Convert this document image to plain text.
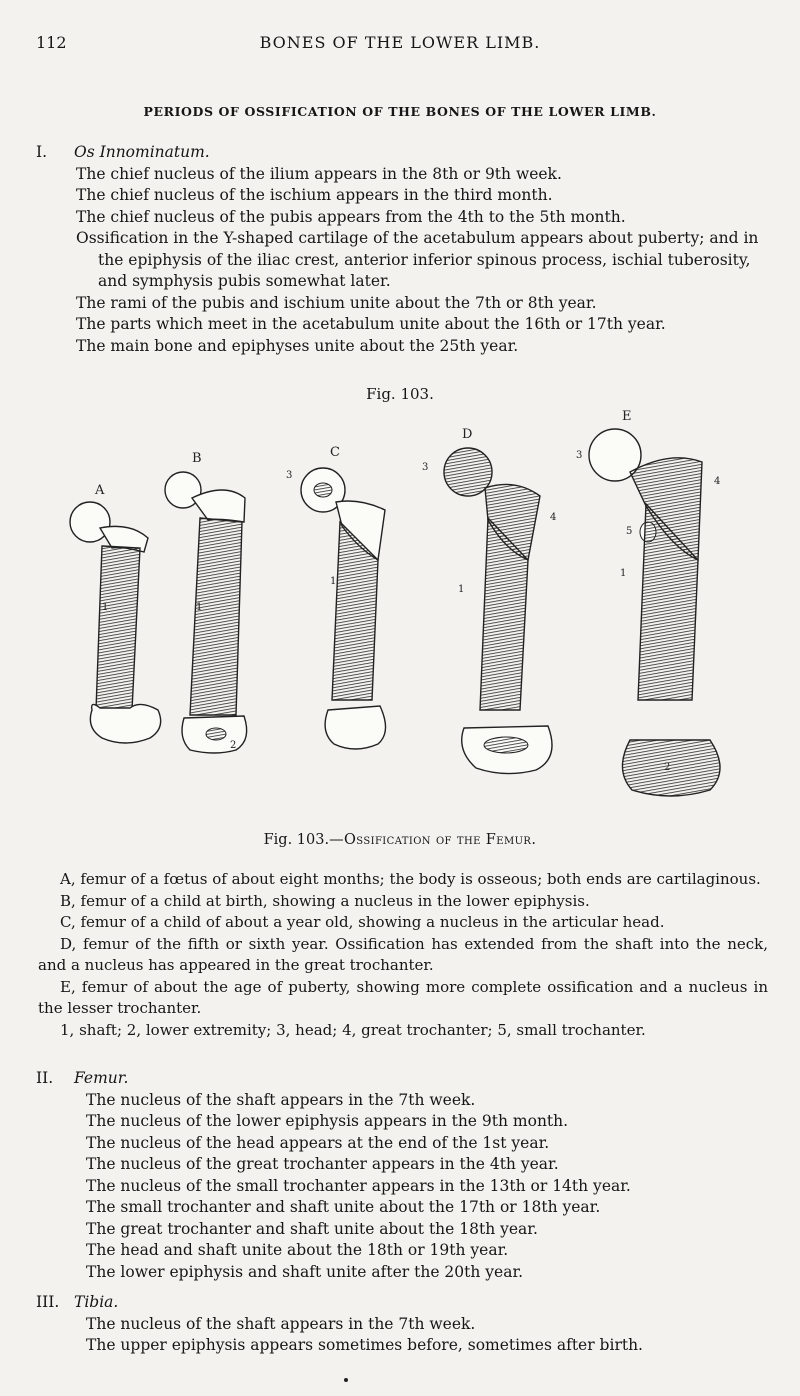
112	BONES OF THE LOWER LIMB.
PERIODS OF OSSIFICATION OF THE BONES OF THE LOWER LIMB.

I. Os Innominatum.

The chief nucleus of the ilium appears in the 8th or 9th week.
The chief nucleus of the ischium appears in the third month.
The chief nucleus of the pubis appears from the 4th to the 5th month.
Ossification in the Y-shaped cartilage of the acetabulum appears about puberty; and in the epiphysis of the iliac crest, anterior inferior spinous process, ischial tuberosity, and symphysis pubis somewhat later.
The rami of the pubis and ischium unite about the 7th or 8th year.
The parts which meet in the acetabulum unite about the 16th or 17th year.
The main bone and epiphyses unite about the 25th year.
Fig. 103.
A
1
B
1
2
C
3
1
D
3
4
1
E
3
4
5
1
2
Fig. 103.—Ossification of the Femur.

A, femur of a fœtus of about eight months; the body is osseous; both ends are cartilaginous.

B, femur of a child at birth, showing a nucleus in the lower epiphysis.

C, femur of a child of about a year old, showing a nucleus in the articular head.

D, femur of the fifth or sixth year. Ossification has extended from the shaft into the neck, and a nucleus has appeared in the great trochanter.

E, femur of about the age of puberty, showing more complete ossification and a nucleus in the lesser trochanter.

1, shaft; 2, lower extremity; 3, head; 4, great trochanter; 5, small trochanter.

II. Femur.

The nucleus of the shaft appears in the 7th week.
The nucleus of the lower epiphysis appears in the 9th month.
The nucleus of the head appears at the end of the 1st year.
The nucleus of the great trochanter appears in the 4th year.
The nucleus of the small trochanter appears in the 13th or 14th year.
The small trochanter and shaft unite about the 17th or 18th year.
The great trochanter and shaft unite about the 18th year.
The head and shaft unite about the 18th or 19th year.
The lower epiphysis and shaft unite after the 20th year.

III. Tibia.

The nucleus of the shaft appears in the 7th week.
The upper epiphysis appears sometimes before, sometimes after birth.
